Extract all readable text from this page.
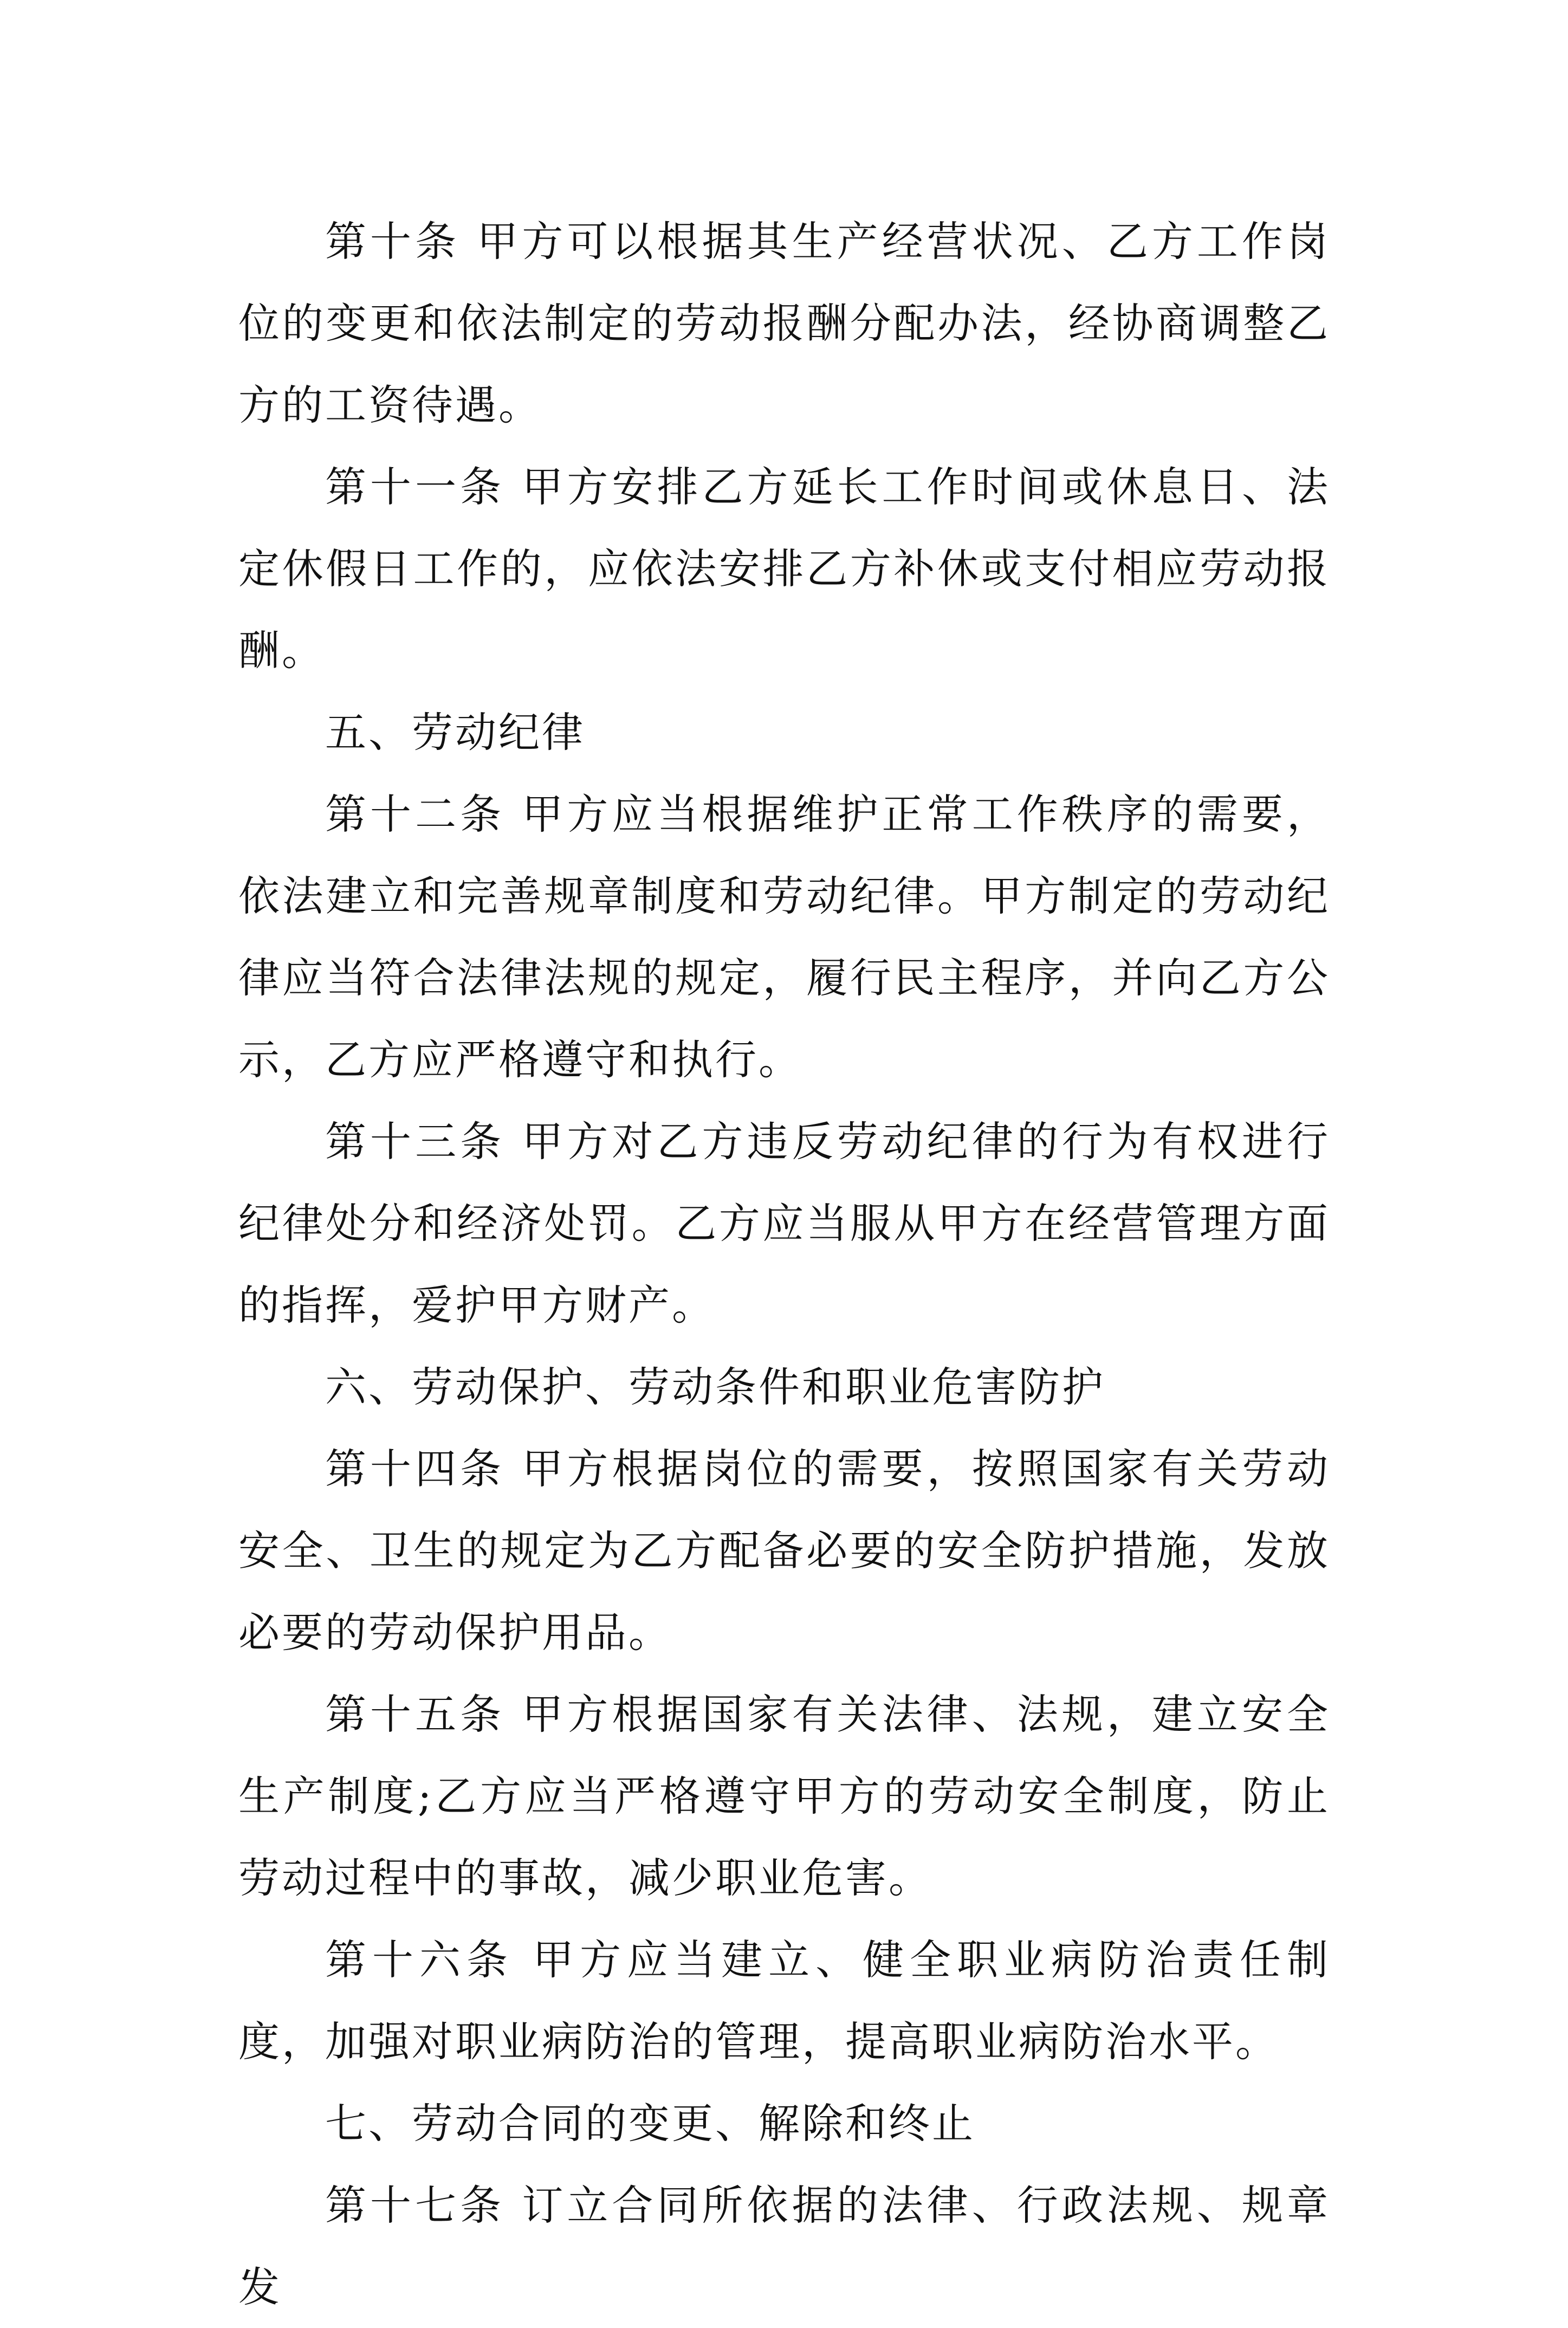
第十条 甲方可以根据其生产经营状况、乙方工作岗位的变更和依法制定的劳动报酬分配办法，经协商调整乙方的工资待遇。

第十一条 甲方安排乙方延长工作时间或休息日、法定休假日工作的，应依法安排乙方补休或支付相应劳动报酬。

五、劳动纪律

第十二条 甲方应当根据维护正常工作秩序的需要，依法建立和完善规章制度和劳动纪律。甲方制定的劳动纪律应当符合法律法规的规定，履行民主程序，并向乙方公示，乙方应严格遵守和执行。

第十三条 甲方对乙方违反劳动纪律的行为有权进行纪律处分和经济处罚。乙方应当服从甲方在经营管理方面的指挥，爱护甲方财产。

六、劳动保护、劳动条件和职业危害防护

第十四条 甲方根据岗位的需要，按照国家有关劳动安全、卫生的规定为乙方配备必要的安全防护措施，发放必要的劳动保护用品。

第十五条 甲方根据国家有关法律、法规，建立安全生产制度;乙方应当严格遵守甲方的劳动安全制度，防止劳动过程中的事故，减少职业危害。

第十六条 甲方应当建立、健全职业病防治责任制度，加强对职业病防治的管理，提高职业病防治水平。

七、劳动合同的变更、解除和终止

第十七条 订立合同所依据的法律、行政法规、规章发
